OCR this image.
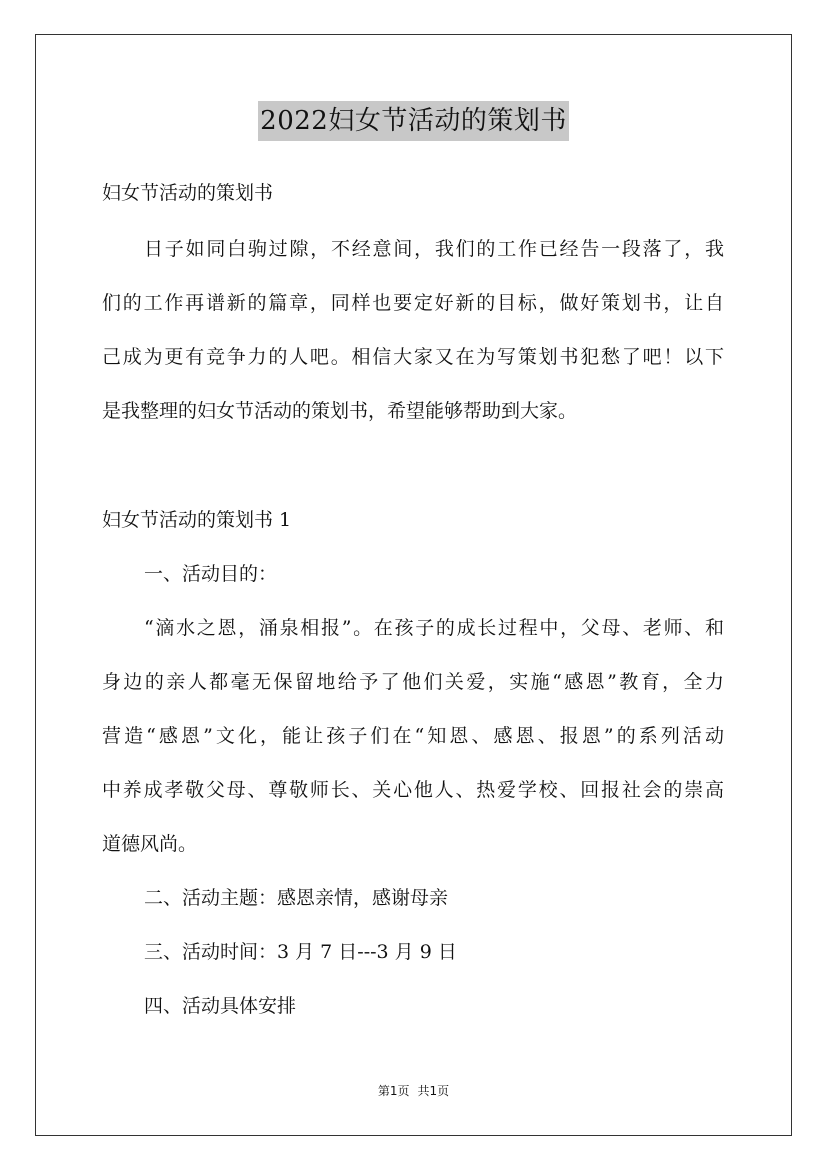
2022妇女节活动的策划书
妇女节活动的策划书
日子如同白驹过隙，不经意间，我们的工作已经告一段落了，我
们的工作再谱新的篇章，同样也要定好新的目标，做好策划书，让自
己成为更有竞争力的人吧。相信大家又在为写策划书犯愁了吧！以下
是我整理的妇女节活动的策划书，希望能够帮助到大家。
妇女节活动的策划书 1
一、活动目的：
“滴水之恩，涌泉相报”。在孩子的成长过程中，父母、老师、和
身边的亲人都毫无保留地给予了他们关爱，实施“感恩”教育，全力
营造“感恩”文化，能让孩子们在“知恩、感恩、报恩”的系列活动
中养成孝敬父母、尊敬师长、关心他人、热爱学校、回报社会的崇高
道德风尚。
二、活动主题：感恩亲情，感谢母亲
三、活动时间：3 月 7 日---3 月 9 日
四、活动具体安排
第1页 共1页
